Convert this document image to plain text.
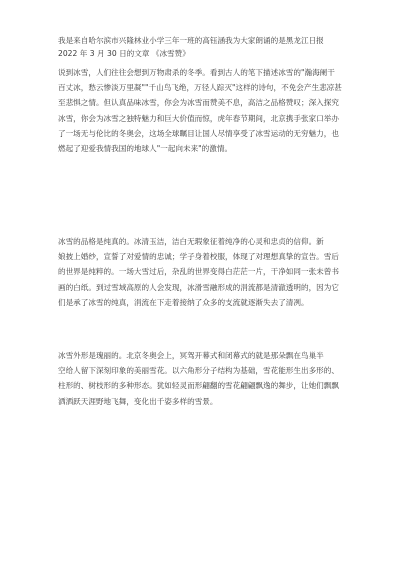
我是来自哈尔滨市兴隆林业小学三年一班的高钰涵我为大家朗诵的是黑龙江日报
2022 年 3 月 30 日的文章 《冰雪赞》
说到冰雪，人们往往会想到万物肃杀的冬季。看到古人的笔下描述冰雪的"瀚海阑干
百丈冰，愁云惨淡万里凝""千山鸟飞绝，万径人踪灭"这样的诗句，不免会产生悲凉甚
至悲惧之情。但认真品味冰雪，你会为冰雪而赞美不息，高洁之品格赞叹；深入探究
冰雪，你会为冰雪之独特魅力和巨大价值而惊，虎年春节期间，北京携手张家口举办
了一场无与伦比的冬奥会，这场全球瞩目让国人尽情享受了冰雪运动的无穷魅力，也
燃起了迎爱我情我国的地球人"一起向未来"的激情。
冰雪的品格是纯真的。冰清玉洁，洁白无瑕象征着纯净的心灵和忠贞的信仰。新
娘披上婚纱，宣誓了对爱情的忠诚；学子身着校服，体现了对理想真挚的宣告。雪后
的世界是纯粹的。一场大雪过后，杂乱的世界变得白茫茫一片，干净如同一张未曾书
画的白纸。到过雪域高原的人会发现，冰滑雪融形成的涓流都是清澈透明的，因为它
们是承了冰雪的纯真，涓流在下走着接纳了众多的支流就逐渐失去了清冽。
冰雪外形是瑰丽的。北京冬奥会上，冥驾开幕式和闭幕式的就是那朵飘在鸟巢半
空给人留下深刻印象的美丽雪花。以六角形分子结构为基础，雪花能形生出多形的、
柱形的、树枝形的多种形态。犹如轻灵而形翩翻的雪花翩翩飘逸的舞步，让她们飘飘
洒洒跃天涯野地飞舞，变化出千姿多样的雪景。
